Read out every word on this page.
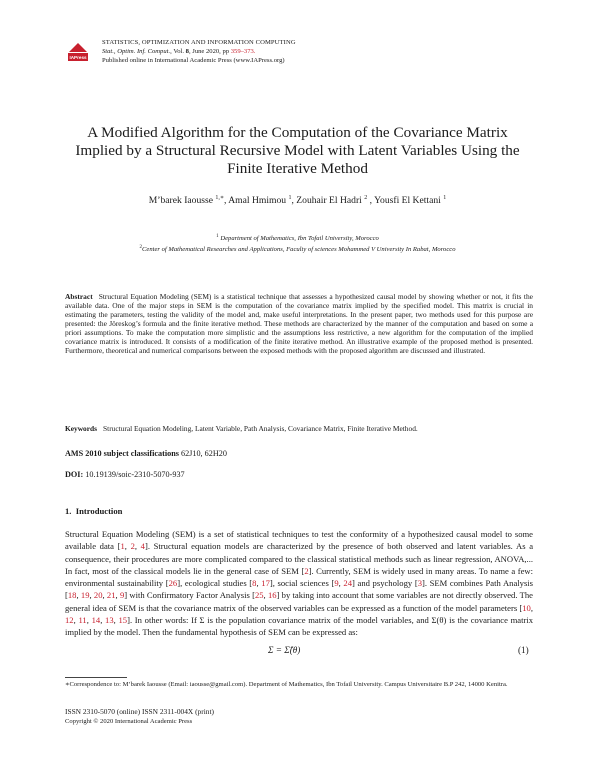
IAPress
STATISTICS, OPTIMIZATION AND INFORMATION COMPUTING
Stat., Optim. Inf. Comput., Vol. 8, June 2020, pp 359–373.
Published online in International Academic Press (www.IAPress.org)
A Modified Algorithm for the Computation of the Covariance Matrix
Implied by a Structural Recursive Model with Latent Variables Using the
Finite Iterative Method
M’barek Iaousse $^{1,∗}$, Amal Hmimou $^1$, Zouhair El Hadri $^2$ , Yousfi El Kettani $^1$
$^1$ Department of Mathematics, Ibn Tofail University, Morocco
$^2$Center of Mathematical Researches and Applications, Faculty of sciences Mohammed V University In Rabat, Morocco
Abstract Structural Equation Modeling (SEM) is a statistical technique that assesses a hypothesized causal model by showing whether or not, it fits the available data. One of the major steps in SEM is the computation of the covariance matrix implied by the specified model. This matrix is crucial in estimating the parameters, testing the validity of the model and, make useful interpretations. In the present paper, two methods used for this purpose are presented: the Jöreskog’s formula and the finite iterative method. These methods are characterized by the manner of the computation and based on some a priori assumptions. To make the computation more simplistic and the assumptions less restrictive, a new algorithm for the computation of the implied covariance matrix is introduced. It consists of a modification of the finite iterative method. An illustrative example of the proposed method is presented. Furthermore, theoretical and numerical comparisons between the exposed methods with the proposed algorithm are discussed and illustrated.
Keywords Structural Equation Modeling, Latent Variable, Path Analysis, Covariance Matrix, Finite Iterative Method.
AMS 2010 subject classifications 62J10, 62H20
DOI: 10.19139/soic-2310-5070-937
1. Introduction
Structural Equation Modeling (SEM) is a set of statistical techniques to test the conformity of a hypothesized causal model to some available data [1, 2, 4]. Structural equation models are characterized by the presence of both observed and latent variables. As a consequence, their procedures are more complicated compared to the classical statistical methods such as linear regression, ANOVA,... In fact, most of the classical models lie in the general case of SEM [2]. Currently, SEM is widely used in many areas. To name a few: environmental sustainability [26], ecological studies [8, 17], social sciences [9, 24] and psychology [3]. SEM combines Path Analysis [18, 19, 20, 21, 9] with Confirmatory Factor Analysis [25, 16] by taking into account that some variables are not directly observed. The general idea of SEM is that the covariance matrix of the observed variables can be expressed as a function of the model parameters [10, 12, 11, 14, 13, 15]. In other words: If Σ is the population covariance matrix of the model variables, and Σ(θ) is the covariance matrix implied by the model. Then the fundamental hypothesis of SEM can be expressed as:
Σ = Σ̂(θ)	(1)
∗Correspondence to: M’barek Iaousse (Email: iaousse@gmail.com). Department of Mathematics, Ibn Tofail University. Campus Universitaire B.P 242, 14000 Kenitra.
ISSN 2310-5070 (online) ISSN 2311-004X (print)
Copyright © 2020 International Academic Press
